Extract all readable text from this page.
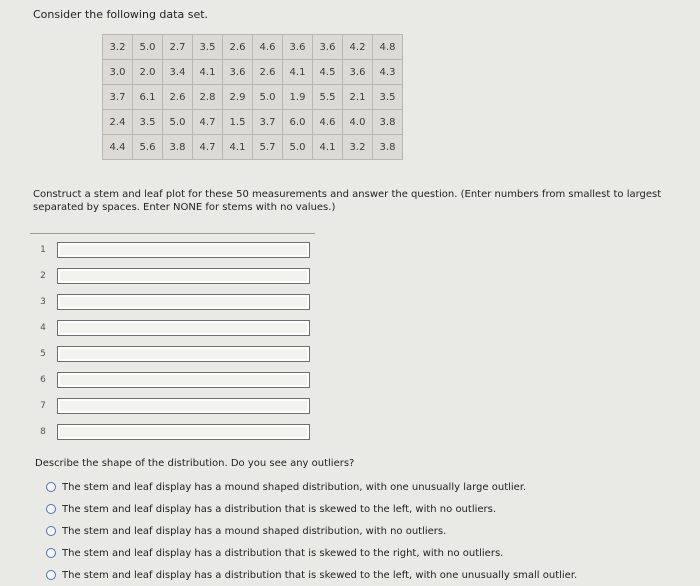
Consider the following data set.
3.2	5.0	2.7	3.5	2.6	4.6	3.6	3.6	4.2	4.8
3.0	2.0	3.4	4.1	3.6	2.6	4.1	4.5	3.6	4.3
3.7	6.1	2.6	2.8	2.9	5.0	1.9	5.5	2.1	3.5
2.4	3.5	5.0	4.7	1.5	3.7	6.0	4.6	4.0	3.8
4.4	5.6	3.8	4.7	4.1	5.7	5.0	4.1	3.2	3.8
Construct a stem and leaf plot for these 50 measurements and answer the question. (Enter numbers from smallest to largest separated by spaces. Enter NONE for stems with no values.)
1
2
3
4
5
6
7
8
Describe the shape of the distribution. Do you see any outliers?
The stem and leaf display has a mound shaped distribution, with one unusually large outlier.
The stem and leaf display has a distribution that is skewed to the left, with no outliers.
The stem and leaf display has a mound shaped distribution, with no outliers.
The stem and leaf display has a distribution that is skewed to the right, with no outliers.
The stem and leaf display has a distribution that is skewed to the left, with one unusually small outlier.
